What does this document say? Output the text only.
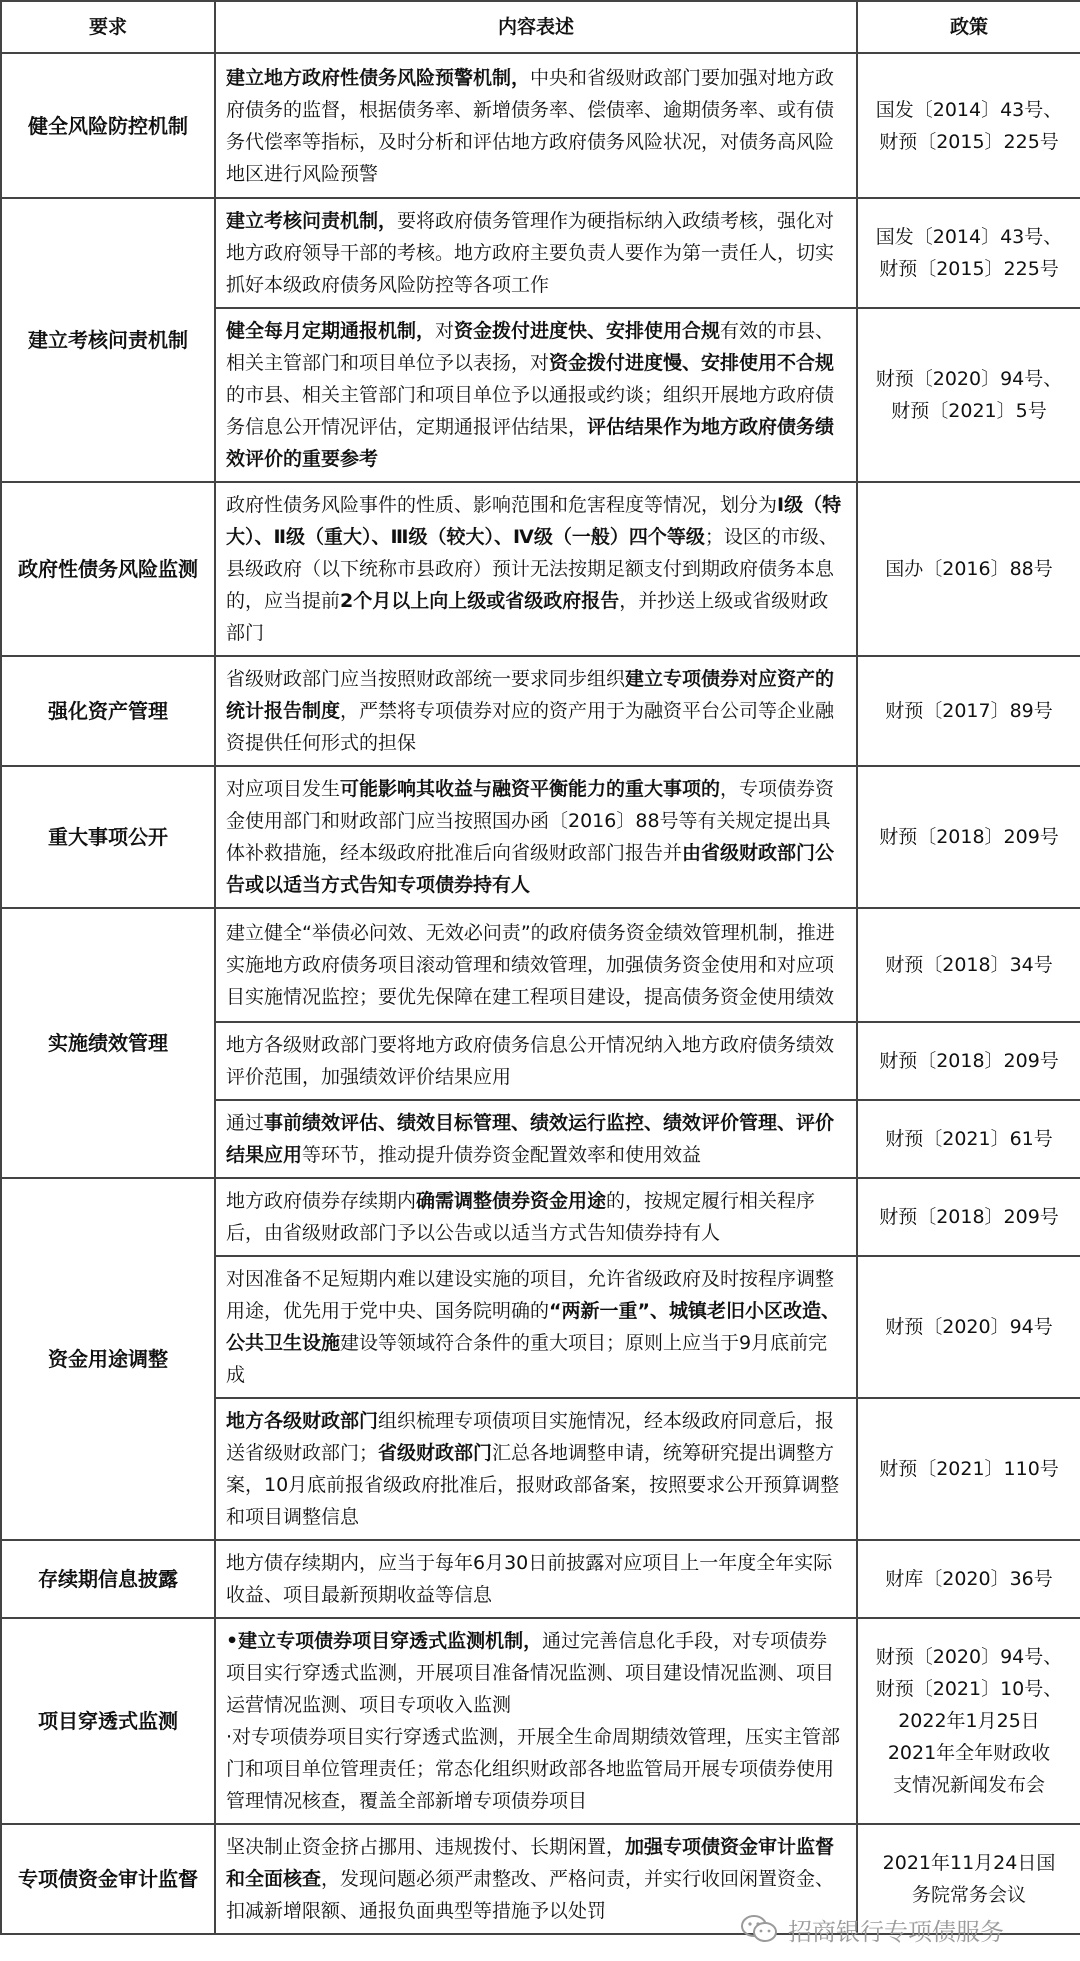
要求	内容表述	政策
健全风险防控机制	建立地方政府性债务风险预警机制，中央和省级财政部门要加强对地方政府债务的监督，根据债务率、新增债务率、偿债率、逾期债务率、或有债务代偿率等指标，及时分析和评估地方政府债务风险状况，对债务高风险地区进行风险预警	国发〔2014〕43号、
财预〔2015〕225号

建立考核问责机制	建立考核问责机制，要将政府债务管理作为硬指标纳入政绩考核，强化对地方政府领导干部的考核。地方政府主要负责人要作为第一责任人，切实抓好本级政府债务风险防控等各项工作	国发〔2014〕43号、
财预〔2015〕225号

	健全每月定期通报机制，对资金拨付进度快、安排使用合规有效的市县、相关主管部门和项目单位予以表扬，对资金拨付进度慢、安排使用不合规的市县、相关主管部门和项目单位予以通报或约谈；组织开展地方政府债务信息公开情况评估，定期通报评估结果，评估结果作为地方政府债务绩效评价的重要参考	财预〔2020〕94号、
财预〔2021〕5号

政府性债务风险监测	政府性债务风险事件的性质、影响范围和危害程度等情况，划分为Ⅰ级（特大）、Ⅱ级（重大）、Ⅲ级（较大）、Ⅳ级（一般）四个等级；设区的市级、县级政府（以下统称市县政府）预计无法按期足额支付到期政府债务本息的，应当提前2个月以上向上级或省级政府报告，并抄送上级或省级财政部门	国办〔2016〕88号

强化资产管理	省级财政部门应当按照财政部统一要求同步组织建立专项债券对应资产的统计报告制度，严禁将专项债券对应的资产用于为融资平台公司等企业融资提供任何形式的担保	财预〔2017〕89号

重大事项公开	对应项目发生可能影响其收益与融资平衡能力的重大事项的，专项债券资金使用部门和财政部门应当按照国办函〔2016〕88号等有关规定提出具体补救措施，经本级政府批准后向省级财政部门报告并由省级财政部门公告或以适当方式告知专项债券持有人	财预〔2018〕209号

实施绩效管理	建立健全“举债必问效、无效必问责”的政府债务资金绩效管理机制，推进实施地方政府债务项目滚动管理和绩效管理，加强债务资金使用和对应项目实施情况监控；要优先保障在建工程项目建设，提高债务资金使用绩效	财预〔2018〕34号

	地方各级财政部门要将地方政府债务信息公开情况纳入地方政府债务绩效评价范围，加强绩效评价结果应用	财预〔2018〕209号

	通过事前绩效评估、绩效目标管理、绩效运行监控、绩效评价管理、评价结果应用等环节，推动提升债券资金配置效率和使用效益	财预〔2021〕61号

资金用途调整	地方政府债券存续期内确需调整债券资金用途的，按规定履行相关程序后，由省级财政部门予以公告或以适当方式告知债券持有人	财预〔2018〕209号

	对因准备不足短期内难以建设实施的项目，允许省级政府及时按程序调整用途，优先用于党中央、国务院明确的“两新一重”、城镇老旧小区改造、公共卫生设施建设等领域符合条件的重大项目；原则上应当于9月底前完成	财预〔2020〕94号

	地方各级财政部门组织梳理专项债项目实施情况，经本级政府同意后，报送省级财政部门；省级财政部门汇总各地调整申请，统筹研究提出调整方案，10月底前报省级政府批准后，报财政部备案，按照要求公开预算调整和项目调整信息	财预〔2021〕110号

存续期信息披露	地方债存续期内，应当于每年6月30日前披露对应项目上一年度全年实际收益、项目最新预期收益等信息	财库〔2020〕36号

项目穿透式监测	•建立专项债券项目穿透式监测机制，通过完善信息化手段，对专项债券项目实行穿透式监测，开展项目准备情况监测、项目建设情况监测、项目运营情况监测、项目专项收入监测
·对专项债券项目实行穿透式监测，开展全生命周期绩效管理，压实主管部门和项目单位管理责任；常态化组织财政部各地监管局开展专项债券使用管理情况核查，覆盖全部新增专项债券项目	财预〔2020〕94号、
财预〔2021〕10号、
2022年1月25日
2021年全年财政收
支情况新闻发布会

专项债资金审计监督	坚决制止资金挤占挪用、违规拨付、长期闲置，加强专项债资金审计监督和全面核查，发现问题必须严肃整改、严格问责，并实行收回闲置资金、扣减新增限额、通报负面典型等措施予以处罚	2021年11月24日国
务院常务会议
招商银行专项债服务
